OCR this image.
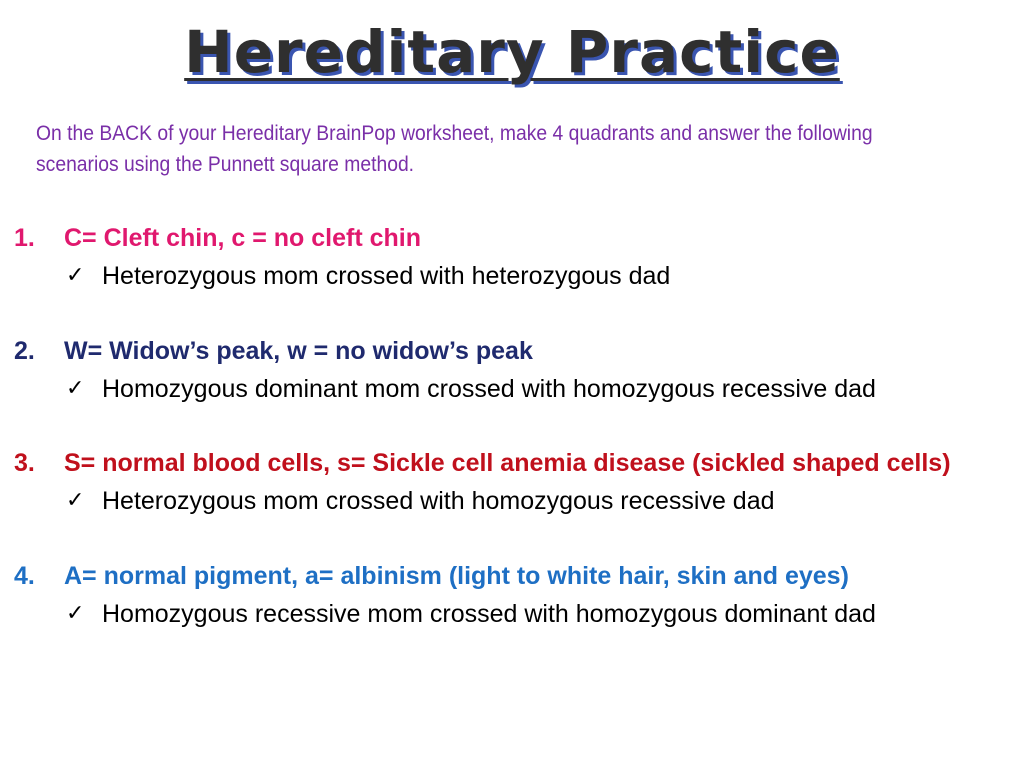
Hereditary Practice
On the BACK of your Hereditary BrainPop worksheet, make 4 quadrants and answer the following scenarios using the Punnett square method.
1. C= Cleft chin, c = no cleft chin
✓ Heterozygous mom crossed with heterozygous dad
2. W= Widow’s peak, w = no widow’s peak
✓ Homozygous dominant mom crossed with homozygous recessive dad
3. S= normal blood cells, s= Sickle cell anemia disease (sickled shaped cells)
✓ Heterozygous mom crossed with homozygous recessive dad
4. A= normal pigment, a= albinism (light to white hair, skin and eyes)
✓ Homozygous recessive mom crossed with homozygous dominant dad
